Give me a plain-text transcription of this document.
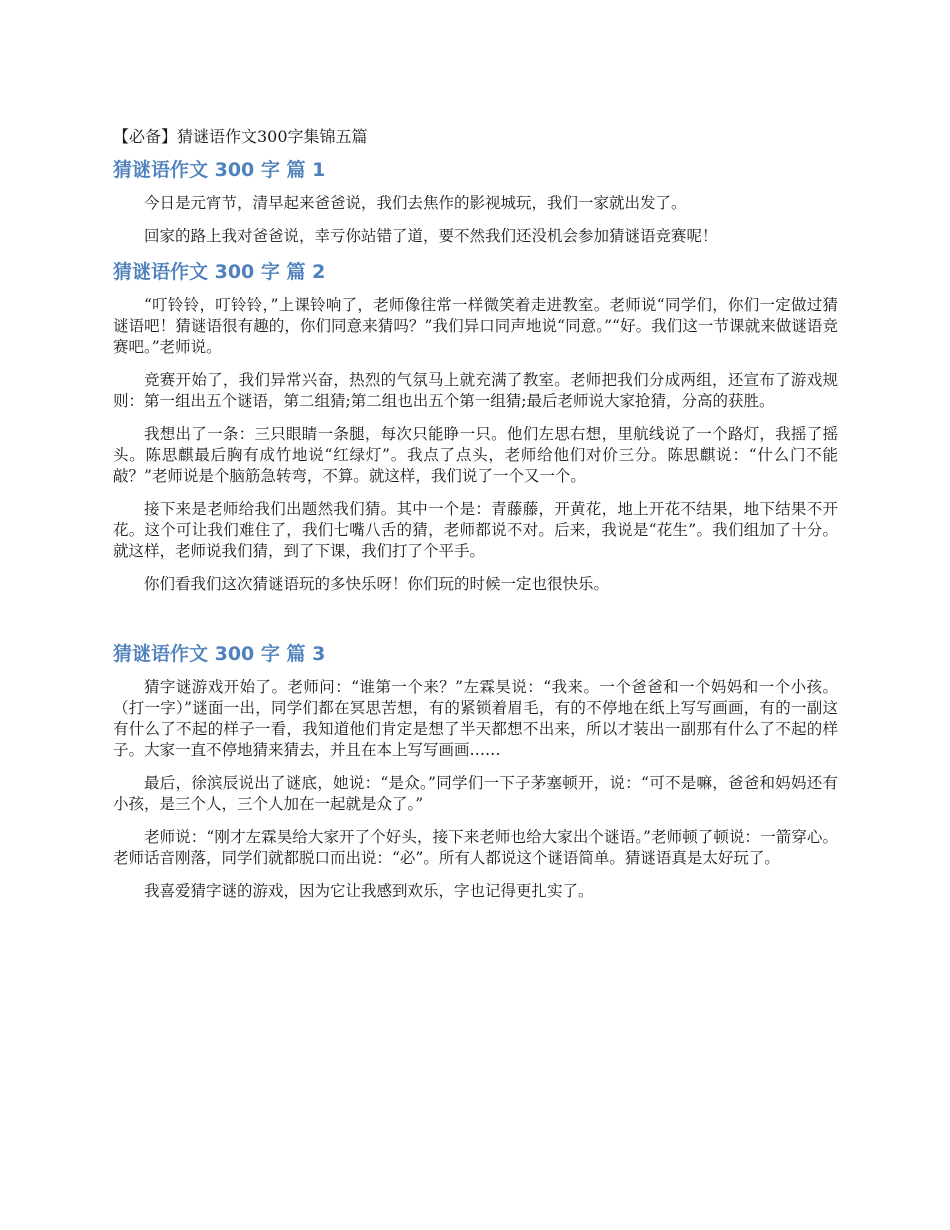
【必备】猜谜语作文300字集锦五篇
猜谜语作文 300 字 篇 1

今日是元宵节，清早起来爸爸说，我们去焦作的影视城玩，我们一家就出发了。

回家的路上我对爸爸说，幸亏你站错了道，要不然我们还没机会参加猜谜语竞赛呢！

猜谜语作文 300 字 篇 2

“叮铃铃，叮铃铃，”上课铃响了，老师像往常一样微笑着走进教室。老师说“同学们，你们一定做过猜谜语吧！猜谜语很有趣的，你们同意来猜吗？”我们异口同声地说“同意。”“好。我们这一节课就来做谜语竞赛吧。”老师说。

竞赛开始了，我们异常兴奋，热烈的气氛马上就充满了教室。老师把我们分成两组，还宣布了游戏规则：第一组出五个谜语，第二组猜;第二组也出五个第一组猜;最后老师说大家抢猜，分高的获胜。

我想出了一条：三只眼睛一条腿，每次只能睁一只。他们左思右想，里航线说了一个路灯，我摇了摇头。陈思麒最后胸有成竹地说“红绿灯”。我点了点头，老师给他们对价三分。陈思麒说：“什么门不能敲？”老师说是个脑筋急转弯，不算。就这样，我们说了一个又一个。

接下来是老师给我们出题然我们猜。其中一个是：青藤藤，开黄花，地上开花不结果，地下结果不开花。这个可让我们难住了，我们七嘴八舌的猜，老师都说不对。后来，我说是“花生”。我们组加了十分。就这样，老师说我们猜，到了下课，我们打了个平手。

你们看我们这次猜谜语玩的多快乐呀！你们玩的时候一定也很快乐。

猜谜语作文 300 字 篇 3

猜字谜游戏开始了。老师问：“谁第一个来？”左霖昊说：“我来。一个爸爸和一个妈妈和一个小孩。（打一字）”谜面一出，同学们都在冥思苦想，有的紧锁着眉毛，有的不停地在纸上写写画画，有的一副这有什么了不起的样子一看，我知道他们肯定是想了半天都想不出来，所以才装出一副那有什么了不起的样子。大家一直不停地猜来猜去，并且在本上写写画画……

最后，徐滨辰说出了谜底，她说：“是众。”同学们一下子茅塞顿开，说：“可不是嘛，爸爸和妈妈还有小孩，是三个人，三个人加在一起就是众了。”

老师说：“刚才左霖昊给大家开了个好头，接下来老师也给大家出个谜语。”老师顿了顿说：一箭穿心。老师话音刚落，同学们就都脱口而出说：“必”。所有人都说这个谜语简单。猜谜语真是太好玩了。

我喜爱猜字谜的游戏，因为它让我感到欢乐，字也记得更扎实了。
